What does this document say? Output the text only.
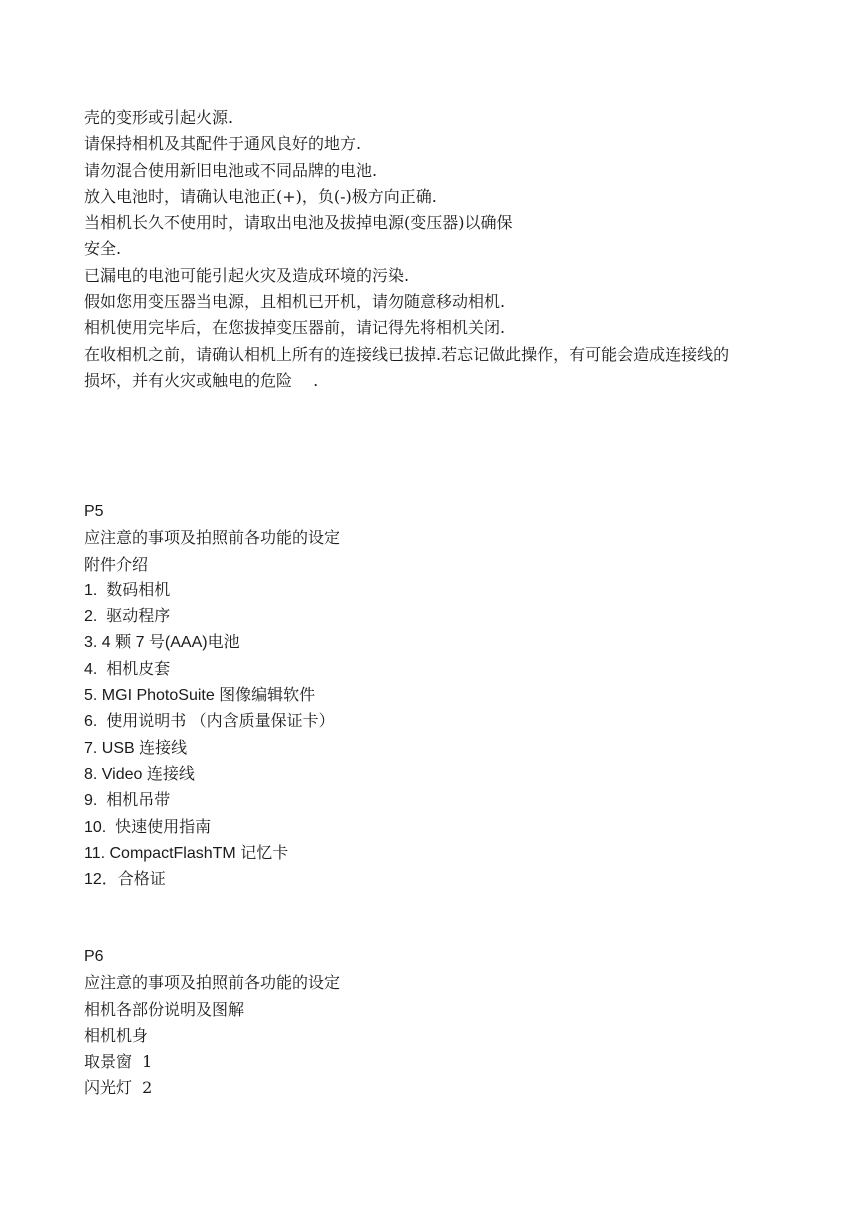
壳的变形或引起火源.

请保持相机及其配件于通风良好的地方.

请勿混合使用新旧电池或不同品牌的电池.

放入电池时，请确认电池正(+)，负(-)极方向正确.

当相机长久不使用时，请取出电池及拔掉电源(变压器)以确保

安全.

已漏电的电池可能引起火灾及造成环境的污染.

假如您用变压器当电源，且相机已开机，请勿随意移动相机.

相机使用完毕后，在您拔掉变压器前，请记得先将相机关闭.

在收相机之前，请确认相机上所有的连接线已拔掉.若忘记做此操作，有可能会造成连接线的

损坏，并有火灾或触电的危险　 .

P5

应注意的事项及拍照前各功能的设定

附件介绍

1.  数码相机

2.  驱动程序

3. 4 颗 7 号(AAA)电池

4.  相机皮套

5. MGI PhotoSuite 图像编辑软件

6.  使用说明书 （内含质量保证卡）

7. USB 连接线

8. Video 连接线

9.  相机吊带

10.  快速使用指南

11. CompactFlashTM 记忆卡

12．合格证

P6

应注意的事项及拍照前各功能的设定

相机各部份说明及图解

相机机身

取景窗  1

闪光灯  2
